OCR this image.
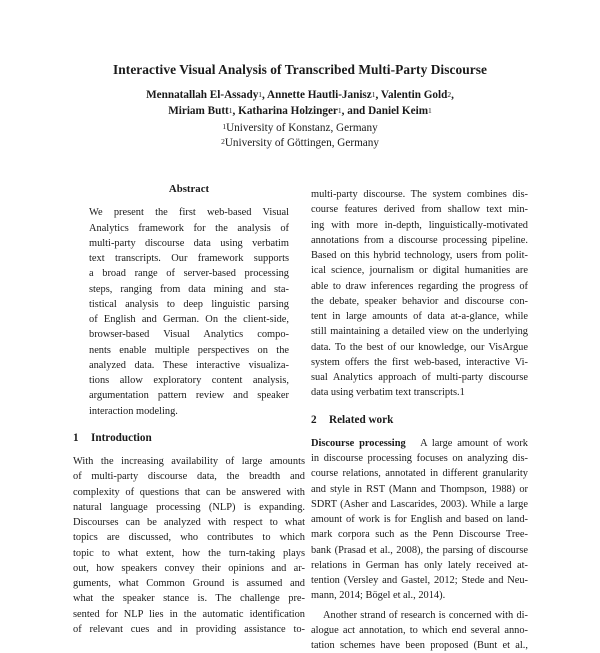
Interactive Visual Analysis of Transcribed Multi-Party Discourse
Mennatallah El-Assady$^1$, Annette Hautli-Janisz$^1$, Valentin Gold$^2$,
Miriam Butt$^1$, Katharina Holzinger$^1$, and Daniel Keim$^1$
$^1$University of Konstanz, Germany
$^2$University of Göttingen, Germany
Abstract
We present the first web-based Visual
Analytics framework for the analysis of
multi-party discourse data using verbatim
text transcripts. Our framework supports
a broad range of server-based processing
steps, ranging from data mining and sta-
tistical analysis to deep linguistic parsing
of English and German. On the client-side,
browser-based Visual Analytics compo-
nents enable multiple perspectives on the
analyzed data. These interactive visualiza-
tions allow exploratory content analysis,
argumentation pattern review and speaker
interaction modeling.
1 Introduction
With the increasing availability of large amounts
of multi-party discourse data, the breadth and
complexity of questions that can be answered with
natural language processing (NLP) is expanding.
Discourses can be analyzed with respect to what
topics are discussed, who contributes to which
topic to what extent, how the turn-taking plays
out, how speakers convey their opinions and ar-
guments, what Common Ground is assumed and
what the speaker stance is. The challenge pre-
sented for NLP lies in the automatic identification
of relevant cues and in providing assistance to-
multi-party discourse. The system combines dis-
course features derived from shallow text min-
ing with more in-depth, linguistically-motivated
annotations from a discourse processing pipeline.
Based on this hybrid technology, users from polit-
ical science, journalism or digital humanities are
able to draw inferences regarding the progress of
the debate, speaker behavior and discourse con-
tent in large amounts of data at-a-glance, while
still maintaining a detailed view on the underlying
data. To the best of our knowledge, our VisArgue
system offers the first web-based, interactive Vi-
sual Analytics approach of multi-party discourse
data using verbatim text transcripts.1
2 Related work
Discourse processing A large amount of work
in discourse processing focuses on analyzing dis-
course relations, annotated in different granularity
and style in RST (Mann and Thompson, 1988) or
SDRT (Asher and Lascarides, 2003). While a large
amount of work is for English and based on land-
mark corpora such as the Penn Discourse Tree-
bank (Prasad et al., 2008), the parsing of discourse
relations in German has only lately received at-
tention (Versley and Gastel, 2012; Stede and Neu-
mann, 2014; Bögel et al., 2014).
Another strand of research is concerned with di-
alogue act annotation, to which end several anno-
tation schemes have been proposed (Bunt et al.,
